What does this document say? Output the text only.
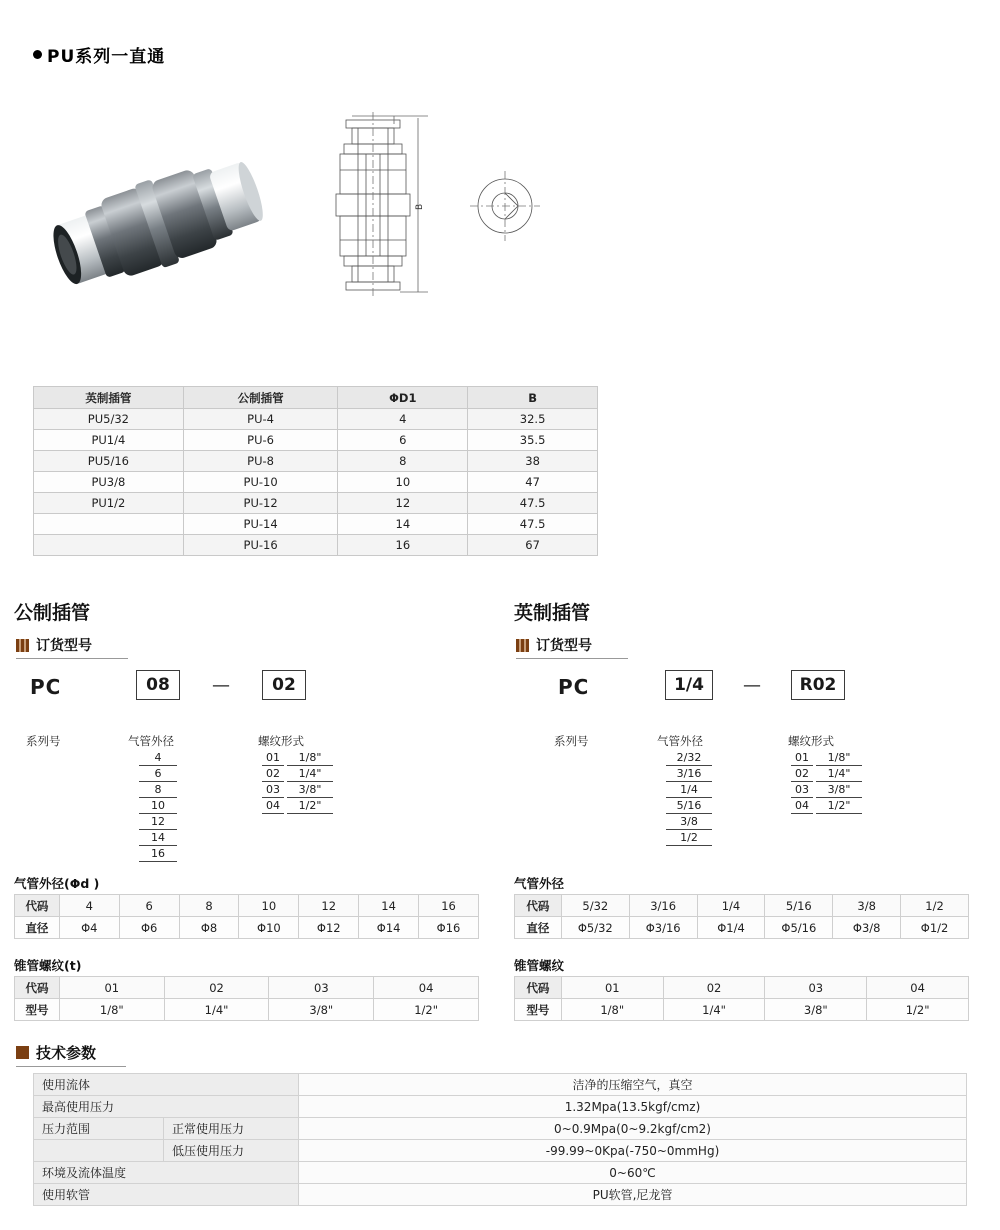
PU系列一直通
B
英制插管	公制插管	ΦD1	B
PU5/32	PU-4	4	32.5
PU1/4	PU-6	6	35.5
PU5/16	PU-8	8	38
PU3/8	PU-10	10	47
PU1/2	PU-12	12	47.5
	PU-14	14	47.5
	PU-16	16	67
公制插管
订货型号
PC	08	—	02
系列号	气管外径	螺纹形式
4
6
8
10
12
14
16
01	1/8"
02	1/4"
03	3/8"
04	1/2"
气管外径(Φd )
代码	4	6	8	10	12	14	16
直径	Φ4	Φ6	Φ8	Φ10	Φ12	Φ14	Φ16
锥管螺纹(t)
代码	01	02	03	04
型号	1/8"	1/4"	3/8"	1/2"
英制插管
订货型号
PC	1/4	—	R02
系列号	气管外径	螺纹形式
2/32
3/16
1/4
5/16
3/8
1/2
01	1/8"
02	1/4"
03	3/8"
04	1/2"
气管外径
代码	5/32	3/16	1/4	5/16	3/8	1/2
直径	Φ5/32	Φ3/16	Φ1/4	Φ5/16	Φ3/8	Φ1/2
锥管螺纹
代码	01	02	03	04
型号	1/8"	1/4"	3/8"	1/2"
技术参数
使用流体		洁净的压缩空气，真空
最高使用压力		1.32Mpa(13.5kgf/cmz)
压力范围	正常使用压力	0~0.9Mpa(0~9.2kgf/cm2)
	低压使用压力	-99.99~0Kpa(-750~0mmHg)
环境及流体温度		0~60℃
使用软管		PU软管,尼龙管
